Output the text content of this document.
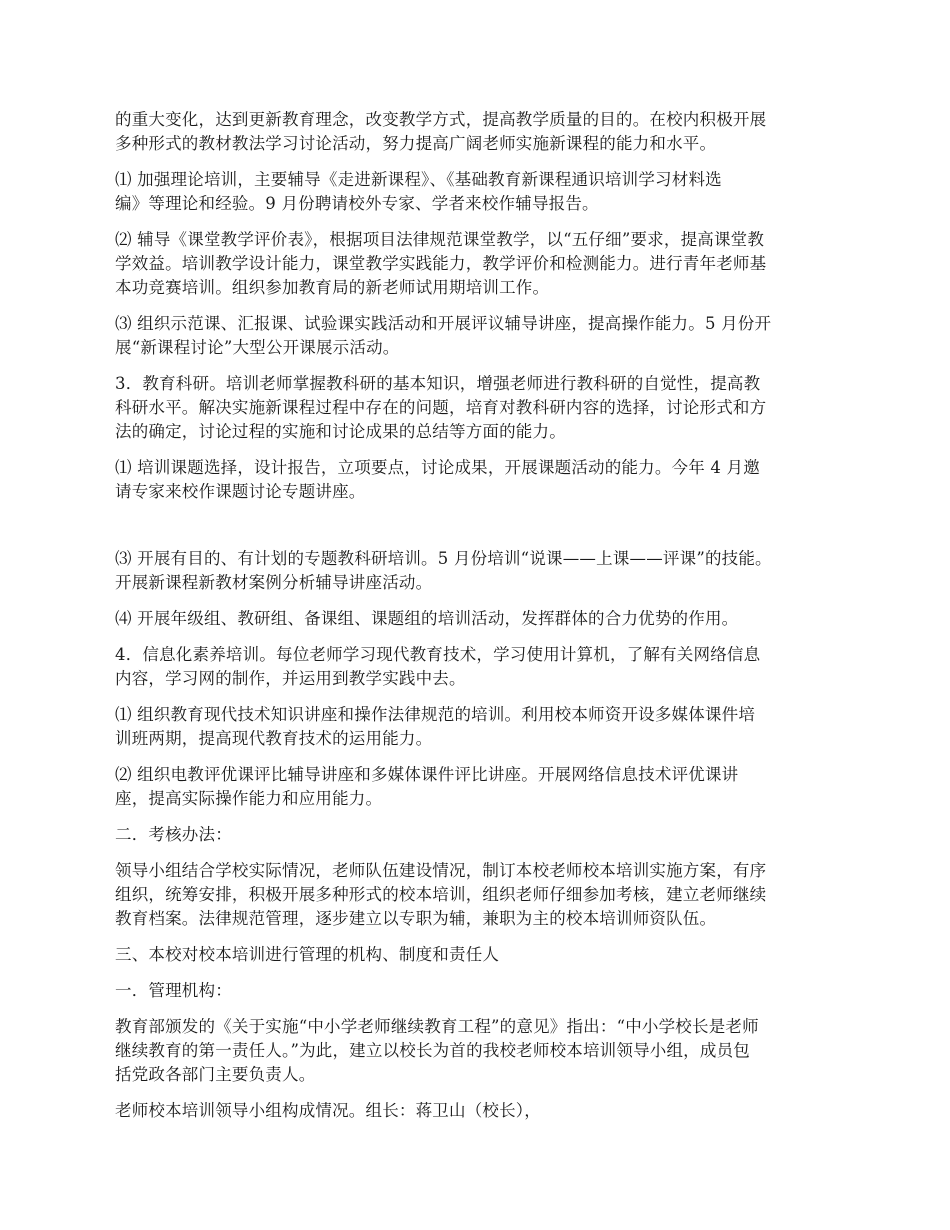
的重大变化，达到更新教育理念，改变教学方式，提高教学质量的目的。在校内积极开展
多种形式的教材教法学习讨论活动，努力提高广阔老师实施新课程的能力和水平。

⑴ 加强理论培训，主要辅导《走进新课程》、《基础教育新课程通识培训学习材料选
编》等理论和经验。9 月份聘请校外专家、学者来校作辅导报告。

⑵ 辅导《课堂教学评价表》，根据项目法律规范课堂教学，以“五仔细”要求，提高课堂教
学效益。培训教学设计能力，课堂教学实践能力，教学评价和检测能力。进行青年老师基
本功竞赛培训。组织参加教育局的新老师试用期培训工作。

⑶ 组织示范课、汇报课、试验课实践活动和开展评议辅导讲座，提高操作能力。5 月份开
展“新课程讨论”大型公开课展示活动。

3．教育科研。培训老师掌握教科研的基本知识，增强老师进行教科研的自觉性，提高教
科研水平。解决实施新课程过程中存在的问题，培育对教科研内容的选择，讨论形式和方
法的确定，讨论过程的实施和讨论成果的总结等方面的能力。

⑴ 培训课题选择，设计报告，立项要点，讨论成果，开展课题活动的能力。今年 4 月邀
请专家来校作课题讨论专题讲座。

⑶ 开展有目的、有计划的专题教科研培训。5 月份培训“说课——上课——评课”的技能。
开展新课程新教材案例分析辅导讲座活动。

⑷ 开展年级组、教研组、备课组、课题组的培训活动，发挥群体的合力优势的作用。

4．信息化素养培训。每位老师学习现代教育技术，学习使用计算机，了解有关网络信息
内容，学习网的制作，并运用到教学实践中去。

⑴ 组织教育现代技术知识讲座和操作法律规范的培训。利用校本师资开设多媒体课件培
训班两期，提高现代教育技术的运用能力。

⑵ 组织电教评优课评比辅导讲座和多媒体课件评比讲座。开展网络信息技术评优课讲
座，提高实际操作能力和应用能力。

二．考核办法：

领导小组结合学校实际情况，老师队伍建设情况，制订本校老师校本培训实施方案，有序
组织，统筹安排，积极开展多种形式的校本培训，组织老师仔细参加考核，建立老师继续
教育档案。法律规范管理，逐步建立以专职为辅，兼职为主的校本培训师资队伍。

三、本校对校本培训进行管理的机构、制度和责任人

一．管理机构：

教育部颁发的《关于实施“中小学老师继续教育工程”的意见》指出：“中小学校长是老师
继续教育的第一责任人。”为此，建立以校长为首的我校老师校本培训领导小组，成员包
括党政各部门主要负责人。

老师校本培训领导小组构成情况。组长：蒋卫山（校长），
